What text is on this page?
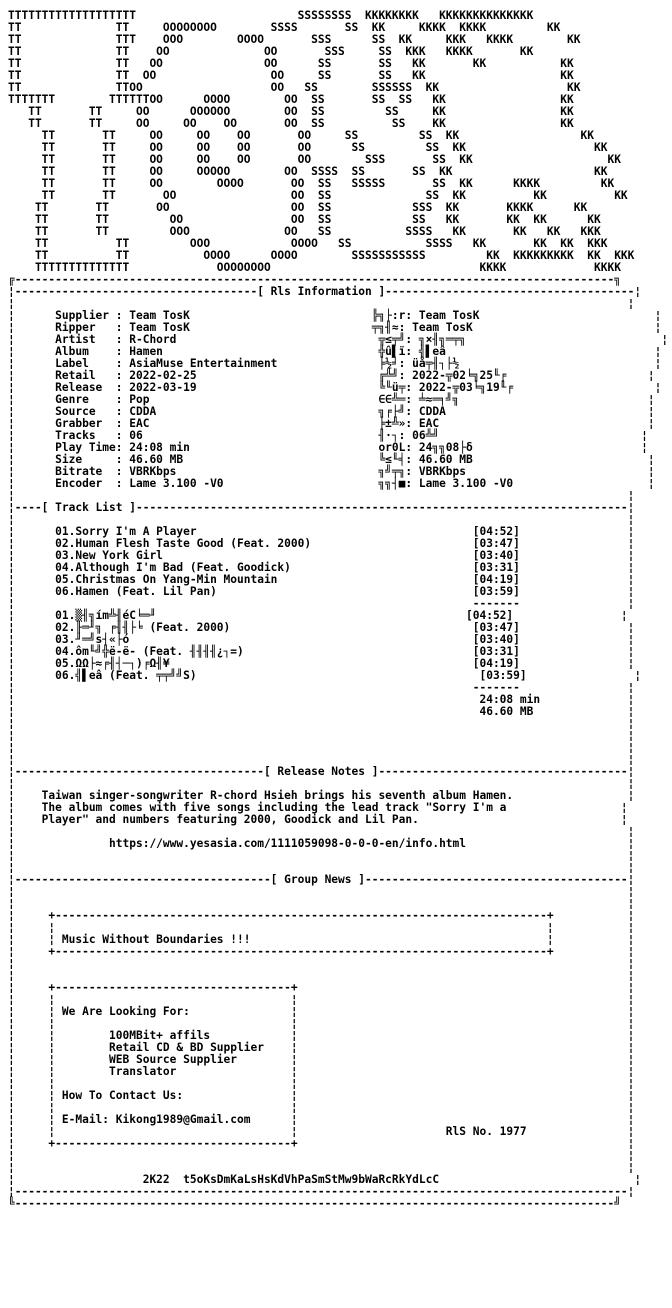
TTTTTTTTTTTTTTTTTTT                        SSSSSSSS  KKKKKKKK   KKKKKKKKKKKKKK
TT              TT     OOOOOOOO        SSSS       SS  KK     KKKK  KKKK         KK
TT              TTT    OOO        OOOO       SSS      SS  KK     KKK   KKKK        KK
TT              TT    OO              OO       SSS     SS  KKK   KKKK       KK
TT              TT   OO               OO      SS       SS   KK       KK           KK
TT              TT  OO                 OO     SS       SS   KK                    KK
TT              TTOO                   OO   SS        SSSSSS  KK                   KK
TTTTTTT        TTTTTTOO      OOOO        OO  SS       SS  SS   KK                 KK
TT       TT     OO      OOOOOO        OO  SS         SS     KK                 KK
TT       TT     OO     OO    OO       OO  SS          SS    KK                 KK
TT       TT     OO     OO    OO       OO     SS         SS  KK                  KK
TT       TT     OO     OO    OO       OO      SS         SS  KK                   KK
TT       TT     OO     OO    OO       OO        SSS       SS  KK                    KK
TT       TT     OO     OOOOO        OO  SSSS  SS       SS  KK                     KK
TT       TT     OO        OOOO       OO  SS   SSSSS       SS  KK      KKKK         KK
TT       TT       OO                 OO  SS              SS  KK          KK          KK
TT       TT       OO                  OO  SS            SSS  KK       KKKK      KK
TT       TT         OO                OO  SS            SS   KK       KK  KK      KK
TT       TT         OOO              OO   SS           SSSS   KK       KK   KK   KKK
TT          TT         OOO            OOOO   SS           SSSS   KK       KK  KK  KKK
TT          TT           OOOO      OOOO        SSSSSSSSSSS         KK  KKKKKKKKK  KK  KKK
TTTTTTTTTTTTTT             OOOOOOOO                               KKKK             KKKK
╔-----------------------------------------------------------------------------------------╗
¦------------------------------------[ Rls Information ]-------------------------------------¦
¦                                                                                           ¦
¦      Supplier : Team TosK                           ╠╗├:r: Team TosK                          ¦
¦      Ripper   : Team TosK                           ╤╗╢≈: Team TosK                           ¦
¦      Artist   : R-Chord                              ╦≤╤╝: ╗×╢╗═╤╗                             ¦
¦      Album    : Hamen                                ╬û▌ï: ╣▌eâ                               ¦
¦      Label    : AsiaMuse Entertainment               ╞½╛: üå╤╢┐├½                             ¦
¦      Retail   : 2022-02-25                           ╔╩╝: 2022-╦02╘╗25╙╒                     ¦
¦      Release  : 2022-03-19                           ╚╙ü╤: 2022-╦03╘╗19╙╒                     ¦
¦      Genre    : Pop                                  ∈∈╩═: ╧≈═╕╝╗                            ¦
¦      Source   : CDDA                                 ╗╒├╝: CDDA                              ¦
¦      Grabber  : EAC                                  ╞±╩»: EAC                               ¦
¦      Tracks   : 06                                   ╢·┐: 06╩╝                              ¦
¦      Play Time: 24:08 min                            or0L: 24╗╗08├δ                         ¦
¦      Size     : 46.60 MB                             ╚≤╙╡: 46.60 MB                          ¦
¦      Bitrate  : VBRKbps                              ╗╝╤╗: VBRKbps                           ¦
¦      Encoder  : Lame 3.100 -V0                       ╗╗┤■: Lame 3.100 -V0                    ¦
¦                                                                                           ¦
¦----[ Track List ]-------------------------------------------------------------------------¦
¦                                                                                           ¦
¦      01.Sorry I'm A Player                                         [04:52]                ¦
¦      02.Human Flesh Taste Good (Feat. 2000)                        [03:47]                ¦
¦      03.New York Girl                                              [03:40]                ¦
¦      04.Although I'm Bad (Feat. Goodick)                           [03:31]                ¦
¦      05.Christmas On Yang-Min Mountain                             [04:19]                ¦
¦      06.Hamen (Feat. Lil Pan)                                      [03:59]                ¦
¦                                                                    -------                ¦
¦      01.▒╢╗ím╩╢éC╘═╜                                              [04:52]                ¦
¦      02.╟═╜╗ ╒╢╢├╘ (Feat. 2000)                                    [03:47]                ¦
¦      03.╜═╝s┤«├ó                                                   [03:40]                ¦
¦      04.ôm╙╝╬ë-ë- (Feat. ╢╢╢╢¿┐=)                                  [03:31]                ¦
¦      05.ΩΩ├≈╒╢┤─┐)╒Ω╢¥                                             [04:19]                ¦
¦      06.╣▌eâ (Feat. ╤╤╝╝S)                                          [03:59]                ¦
¦                                                                    -------                ¦
¦                                                                     24:08 min             ¦
¦                                                                     46.60 MB              ¦
¦                                                                                           ¦
¦                                                                                           ¦
¦                                                                                           ¦
¦                                                                                           ¦
¦-------------------------------------[ Release Notes ]-------------------------------------¦
¦                                                                                           ¦
¦    Taiwan singer-songwriter R-chord Hsieh brings his seventh album Hamen.                 ¦
¦    The album comes with five songs including the lead track "Sorry I'm a                 ¦
¦    Player" and numbers featuring 2000, Goodick and Lil Pan.                              ¦
¦                                                                                           ¦
¦              https://www.yesasia.com/1111059098-0-0-0-en/info.html                        ¦
¦                                                                                           ¦
¦                                                                                           ¦
¦--------------------------------------[ Group News ]---------------------------------------¦
¦                                                                                           ¦
¦                                                                                           ¦
¦     +-------------------------------------------------------------------------+           ¦
¦     ¦                                                                         ¦           ¦
¦     ¦ Music Without Boundaries !!!                                            ¦           ¦
¦     +-------------------------------------------------------------------------+           ¦
¦                                                                                           ¦
¦                                                                                           ¦
¦     +-----------------------------------+                                                 ¦
¦     ¦                                   ¦                                                 ¦
¦     ¦ We Are Looking For:               ¦                                                 ¦
¦     ¦                                   ¦                                                 ¦
¦     ¦        100MBit+ affils            ¦                                                 ¦
¦     ¦        Retail CD & BD Supplier    ¦                                                 ¦
¦     ¦        WEB Source Supplier        ¦                                                 ¦
¦     ¦        Translator                 ¦                                                 ¦
¦     ¦                                   ¦                                                 ¦
¦     ¦ How To Contact Us:                ¦                                                 ¦
¦     ¦                                   ¦                                                 ¦
¦     ¦ E-Mail: Kikong1989@Gmail.com      ¦                                                 ¦
¦     ¦                                   ¦                      RlS No. 1977               ¦
¦     +-----------------------------------+                                                 ¦
¦                                                                                           ¦
¦                                                                                           ¦
¦                   2K22  t5oKsDmKaLsHsKdVhPaSmStMw9bWaRcRkYdLcC                             ¦
¦-------------------------------------------------------------------------------------------¦
╚-----------------------------------------------------------------------------------------╝
